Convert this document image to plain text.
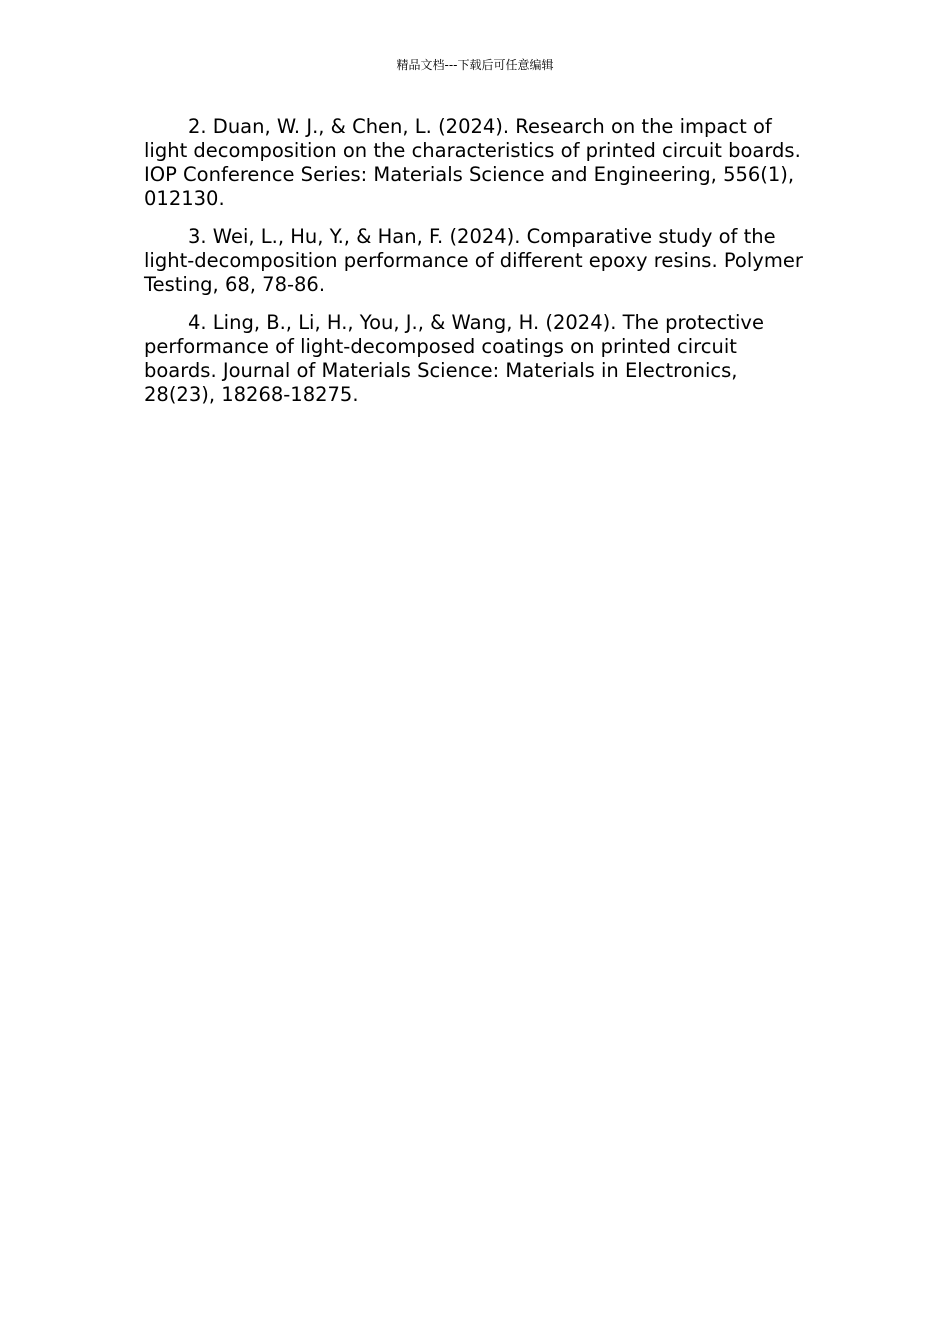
精品文档---下载后可任意编辑

2. Duan, W. J., & Chen, L. (2024). Research on the impact of light decomposition on the characteristics of printed circuit boards. IOP Conference Series: Materials Science and Engineering, 556(1), 012130.

3. Wei, L., Hu, Y., & Han, F. (2024). Comparative study of the light-decomposition performance of different epoxy resins. Polymer Testing, 68, 78-86.

4. Ling, B., Li, H., You, J., & Wang, H. (2024). The protective performance of light-decomposed coatings on printed circuit boards. Journal of Materials Science: Materials in Electronics, 28(23), 18268-18275.
